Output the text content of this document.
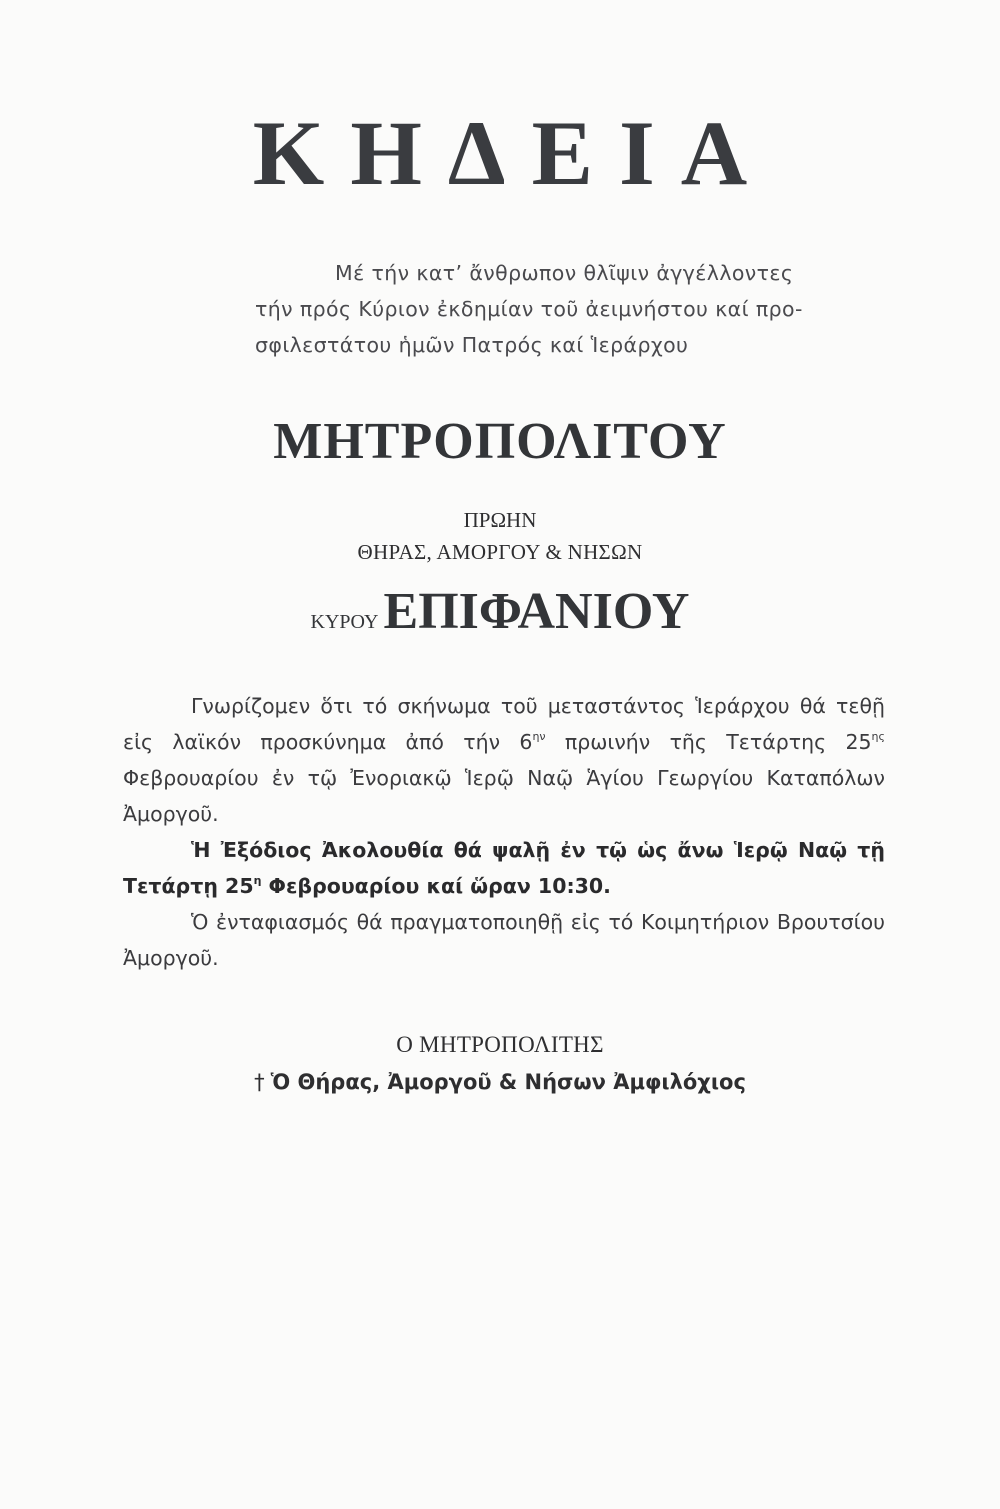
ΚΗΔΕΙΑ
Μέ τήν κατ’ ἄνθρωπον θλῖψιν ἀγγέλλοντες
τήν πρός Κύριον ἐκδημίαν τοῦ ἀειμνήστου καί προ-
σφιλεστάτου ἡμῶν Πατρός καί Ἱεράρχου
ΜΗΤΡΟΠΟΛΙΤΟΥ
ΠΡΩΗΝ
ΘΗΡΑΣ, ΑΜΟΡΓΟΥ & ΝΗΣΩΝ
ΚΥΡΟΥ ΕΠΙΦΑΝΙΟΥ

Γνωρίζομεν ὅτι τό σκήνωμα τοῦ μεταστάντος Ἱεράρχου θά τεθῇ εἰς λαϊκόν προσκύνημα ἀπό τήν $6^{\eta\nu}$ πρωινήν τῆς Τετάρτης $25^{\eta\varsigma}$ Φεβρουαρίου ἐν τῷ Ἐνοριακῷ Ἱερῷ Ναῷ Ἁγίου Γεωργίου Καταπόλων Ἀμοργοῦ.

Ἡ Ἐξόδιος Ἀκολουθία θά ψαλῇ ἐν τῷ ὡς ἄνω Ἱερῷ Ναῷ τῇ Τετάρτῃ $25^\eta$ Φεβρουαρίου καί ὥραν 10:30.

Ὁ ἐνταφιασμός θά πραγματοποιηθῇ εἰς τό Κοιμητήριον Βρουτσίου Ἀμοργοῦ.

Ο ΜΗΤΡΟΠΟΛΙΤΗΣ
† Ὁ Θήρας, Ἀμοργοῦ & Νήσων Ἀμφιλόχιος
